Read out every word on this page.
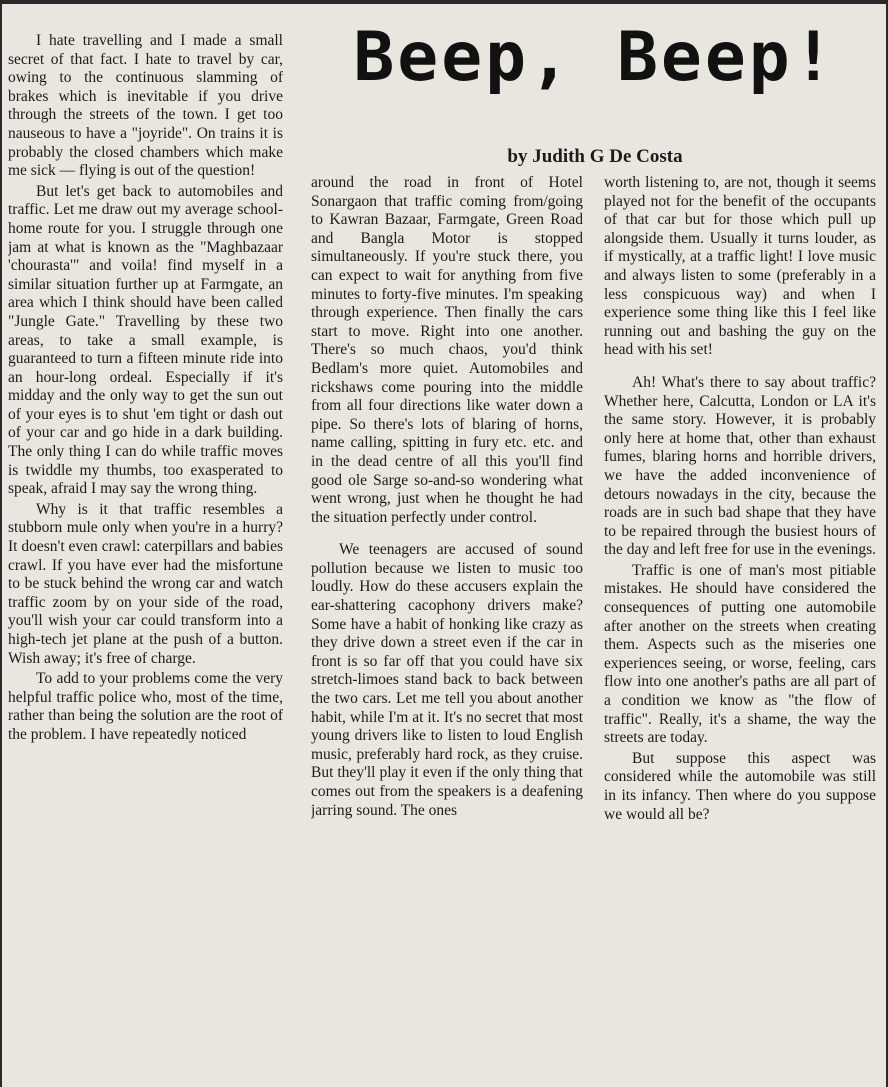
Beep, Beep!
by Judith G De Costa

I hate travelling and I made a small secret of that fact. I hate to travel by car, owing to the continuous slamming of brakes which is inevitable if you drive through the streets of the town. I get too nauseous to have a "joyride". On trains it is probably the closed chambers which make me sick — flying is out of the question!

But let's get back to automobiles and traffic. Let me draw out my average school-home route for you. I struggle through one jam at what is known as the "Maghbazaar 'chourasta'" and voila! find myself in a similar situation further up at Farmgate, an area which I think should have been called "Jungle Gate." Travelling by these two areas, to take a small example, is guaranteed to turn a fifteen minute ride into an hour-long ordeal. Especially if it's midday and the only way to get the sun out of your eyes is to shut 'em tight or dash out of your car and go hide in a dark building. The only thing I can do while traffic moves is twiddle my thumbs, too exasperated to speak, afraid I may say the wrong thing.

Why is it that traffic resembles a stubborn mule only when you're in a hurry? It doesn't even crawl: caterpillars and babies crawl. If you have ever had the misfortune to be stuck behind the wrong car and watch traffic zoom by on your side of the road, you'll wish your car could transform into a high-tech jet plane at the push of a button. Wish away; it's free of charge.

To add to your problems come the very helpful traffic police who, most of the time, rather than being the solution are the root of the problem. I have repeatedly noticed

around the road in front of Hotel Sonargaon that traffic coming from/going to Kawran Bazaar, Farmgate, Green Road and Bangla Motor is stopped simultaneously. If you're stuck there, you can expect to wait for anything from five minutes to forty-five minutes. I'm speaking through experience. Then finally the cars start to move. Right into one another. There's so much chaos, you'd think Bedlam's more quiet. Automobiles and rickshaws come pouring into the middle from all four directions like water down a pipe. So there's lots of blaring of horns, name calling, spitting in fury etc. etc. and in the dead centre of all this you'll find good ole Sarge so-and-so wondering what went wrong, just when he thought he had the situation perfectly under control.

We teenagers are accused of sound pollution because we listen to music too loudly. How do these accusers explain the ear-shattering cacophony drivers make? Some have a habit of honking like crazy as they drive down a street even if the car in front is so far off that you could have six stretch-limoes stand back to back between the two cars. Let me tell you about another habit, while I'm at it. It's no secret that most young drivers like to listen to loud English music, preferably hard rock, as they cruise. But they'll play it even if the only thing that comes out from the speakers is a deafening jarring sound. The ones

worth listening to, are not, though it seems played not for the benefit of the occupants of that car but for those which pull up alongside them. Usually it turns louder, as if mystically, at a traffic light! I love music and always listen to some (preferably in a less conspicuous way) and when I experience some thing like this I feel like running out and bashing the guy on the head with his set!

Ah! What's there to say about traffic? Whether here, Calcutta, London or LA it's the same story. However, it is probably only here at home that, other than exhaust fumes, blaring horns and horrible drivers, we have the added inconvenience of detours nowadays in the city, because the roads are in such bad shape that they have to be repaired through the busiest hours of the day and left free for use in the evenings.

Traffic is one of man's most pitiable mistakes. He should have considered the consequences of putting one automobile after another on the streets when creating them. Aspects such as the miseries one experiences seeing, or worse, feeling, cars flow into one another's paths are all part of a condition we know as "the flow of traffic". Really, it's a shame, the way the streets are today.

But suppose this aspect was considered while the automobile was still in its infancy. Then where do you suppose we would all be?
